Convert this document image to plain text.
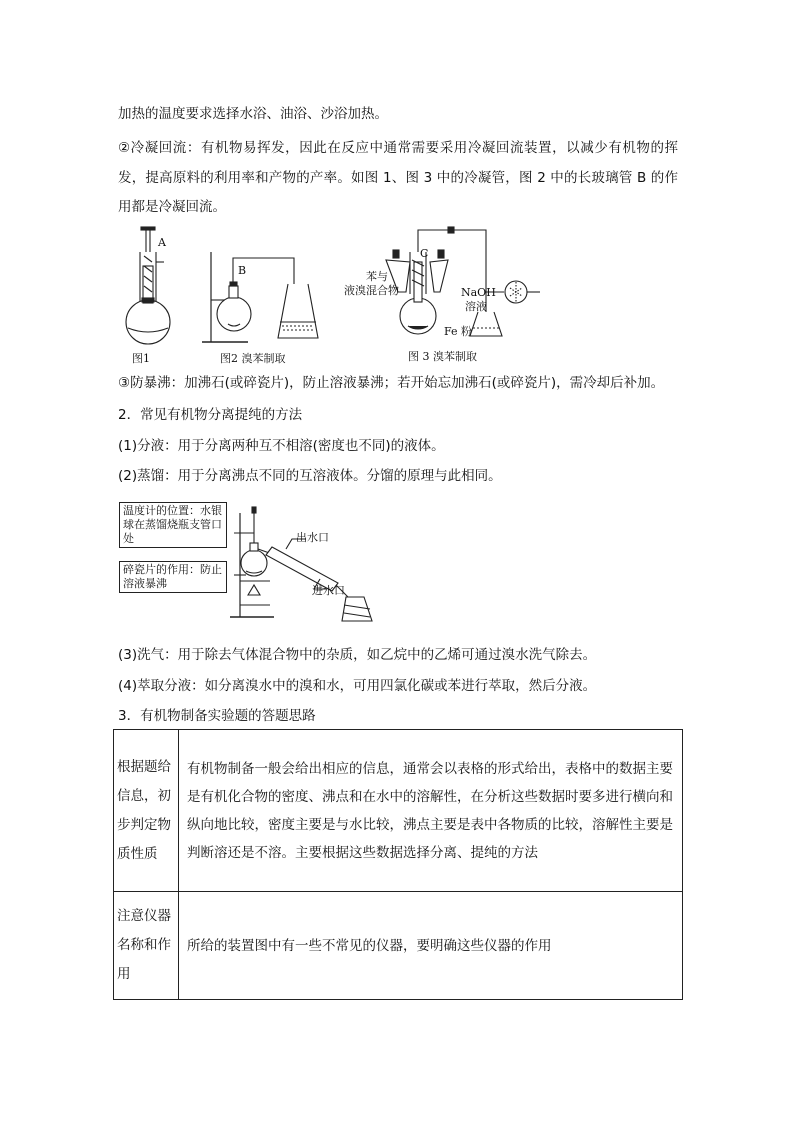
加热的温度要求选择水浴、油浴、沙浴加热。

②冷凝回流：有机物易挥发，因此在反应中通常需要采用冷凝回流装置，以减少有机物的挥发，提高原料的利用率和产物的产率。如图 1、图 3 中的冷凝管，图 2 中的长玻璃管 B 的作用都是冷凝回流。

A
B
C
苯与
液溴混合物	NaOH
溶液
Fe 粉
图1	图2 溴苯制取	图 3 溴苯制取

③防暴沸：加沸石(或碎瓷片)，防止溶液暴沸；若开始忘加沸石(或碎瓷片)，需冷却后补加。

2．常见有机物分离提纯的方法

(1)分液：用于分离两种互不相溶(密度也不同)的液体。

(2)蒸馏：用于分离沸点不同的互溶液体。分馏的原理与此相同。

温度计的位置：水银球在蒸馏烧瓶支管口处
碎瓷片的作用：防止溶液暴沸
出水口
进水口

(3)洗气：用于除去气体混合物中的杂质，如乙烷中的乙烯可通过溴水洗气除去。

(4)萃取分液：如分离溴水中的溴和水，可用四氯化碳或苯进行萃取，然后分液。

3．有机物制备实验题的答题思路

根据题给信息，初步判定物质性质	有机物制备一般会给出相应的信息，通常会以表格的形式给出，表格中的数据主要是有机化合物的密度、沸点和在水中的溶解性，在分析这些数据时要多进行横向和纵向地比较，密度主要是与水比较，沸点主要是表中各物质的比较，溶解性主要是判断溶还是不溶。主要根据这些数据选择分离、提纯的方法
注意仪器名称和作用	所给的装置图中有一些不常见的仪器，要明确这些仪器的作用
